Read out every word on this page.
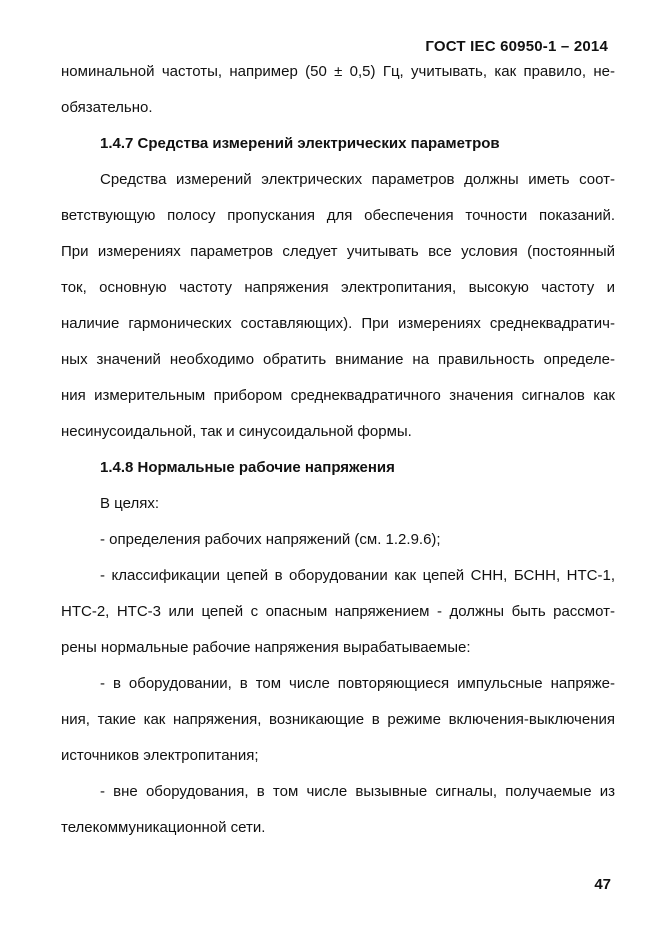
ГОСТ IEC 60950-1 – 2014
номинальной частоты, например (50 ± 0,5) Гц, учитывать, как правило, не-
обязательно.
1.4.7 Средства измерений электрических параметров
Средства измерений электрических параметров должны иметь соот-
ветствующую полосу пропускания для обеспечения точности показаний.
При измерениях параметров следует учитывать все условия (постоянный
ток, основную частоту напряжения электропитания, высокую частоту и
наличие гармонических составляющих). При измерениях среднеквадратич-
ных значений необходимо обратить внимание на правильность определе-
ния измерительным прибором среднеквадратичного значения сигналов как
несинусоидальной, так и синусоидальной формы.
1.4.8 Нормальные рабочие напряжения
В целях:
- определения рабочих напряжений (см. 1.2.9.6);
- классификации цепей в оборудовании как цепей СНН, БСНН, НТС-1,
НТС-2, НТС-3 или цепей с опасным напряжением - должны быть рассмот-
рены нормальные рабочие напряжения вырабатываемые:
- в оборудовании, в том числе повторяющиеся импульсные напряже-
ния, такие как напряжения, возникающие в режиме включения-выключения
источников электропитания;
- вне оборудования, в том числе вызывные сигналы, получаемые из
телекоммуникационной сети.
47
